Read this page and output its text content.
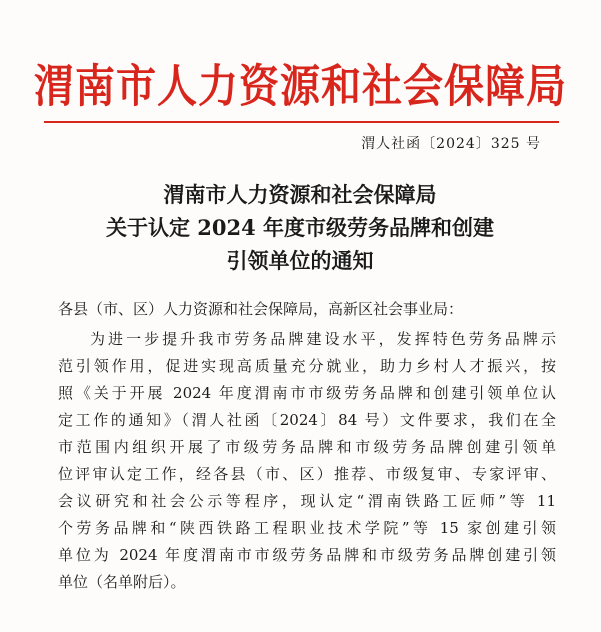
渭南市人力资源和社会保障局
渭人社函〔2024〕325 号
渭南市人力资源和社会保障局
关于认定 2024 年度市级劳务品牌和创建
引领单位的通知
各县（市、区）人力资源和社会保障局，高新区社会事业局：
为进一步提升我市劳务品牌建设水平，发挥特色劳务品牌示
范引领作用，促进实现高质量充分就业，助力乡村人才振兴，按
照《关于开展 2024 年度渭南市市级劳务品牌和创建引领单位认
定工作的通知》（渭人社函〔2024〕84 号）文件要求，我们在全
市范围内组织开展了市级劳务品牌和市级劳务品牌创建引领单
位评审认定工作，经各县（市、区）推荐、市级复审、专家评审、
会议研究和社会公示等程序，现认定“渭南铁路工匠师”等 11
个劳务品牌和“陕西铁路工程职业技术学院”等 15 家创建引领
单位为 2024 年度渭南市市级劳务品牌和市级劳务品牌创建引领
单位（名单附后）。
